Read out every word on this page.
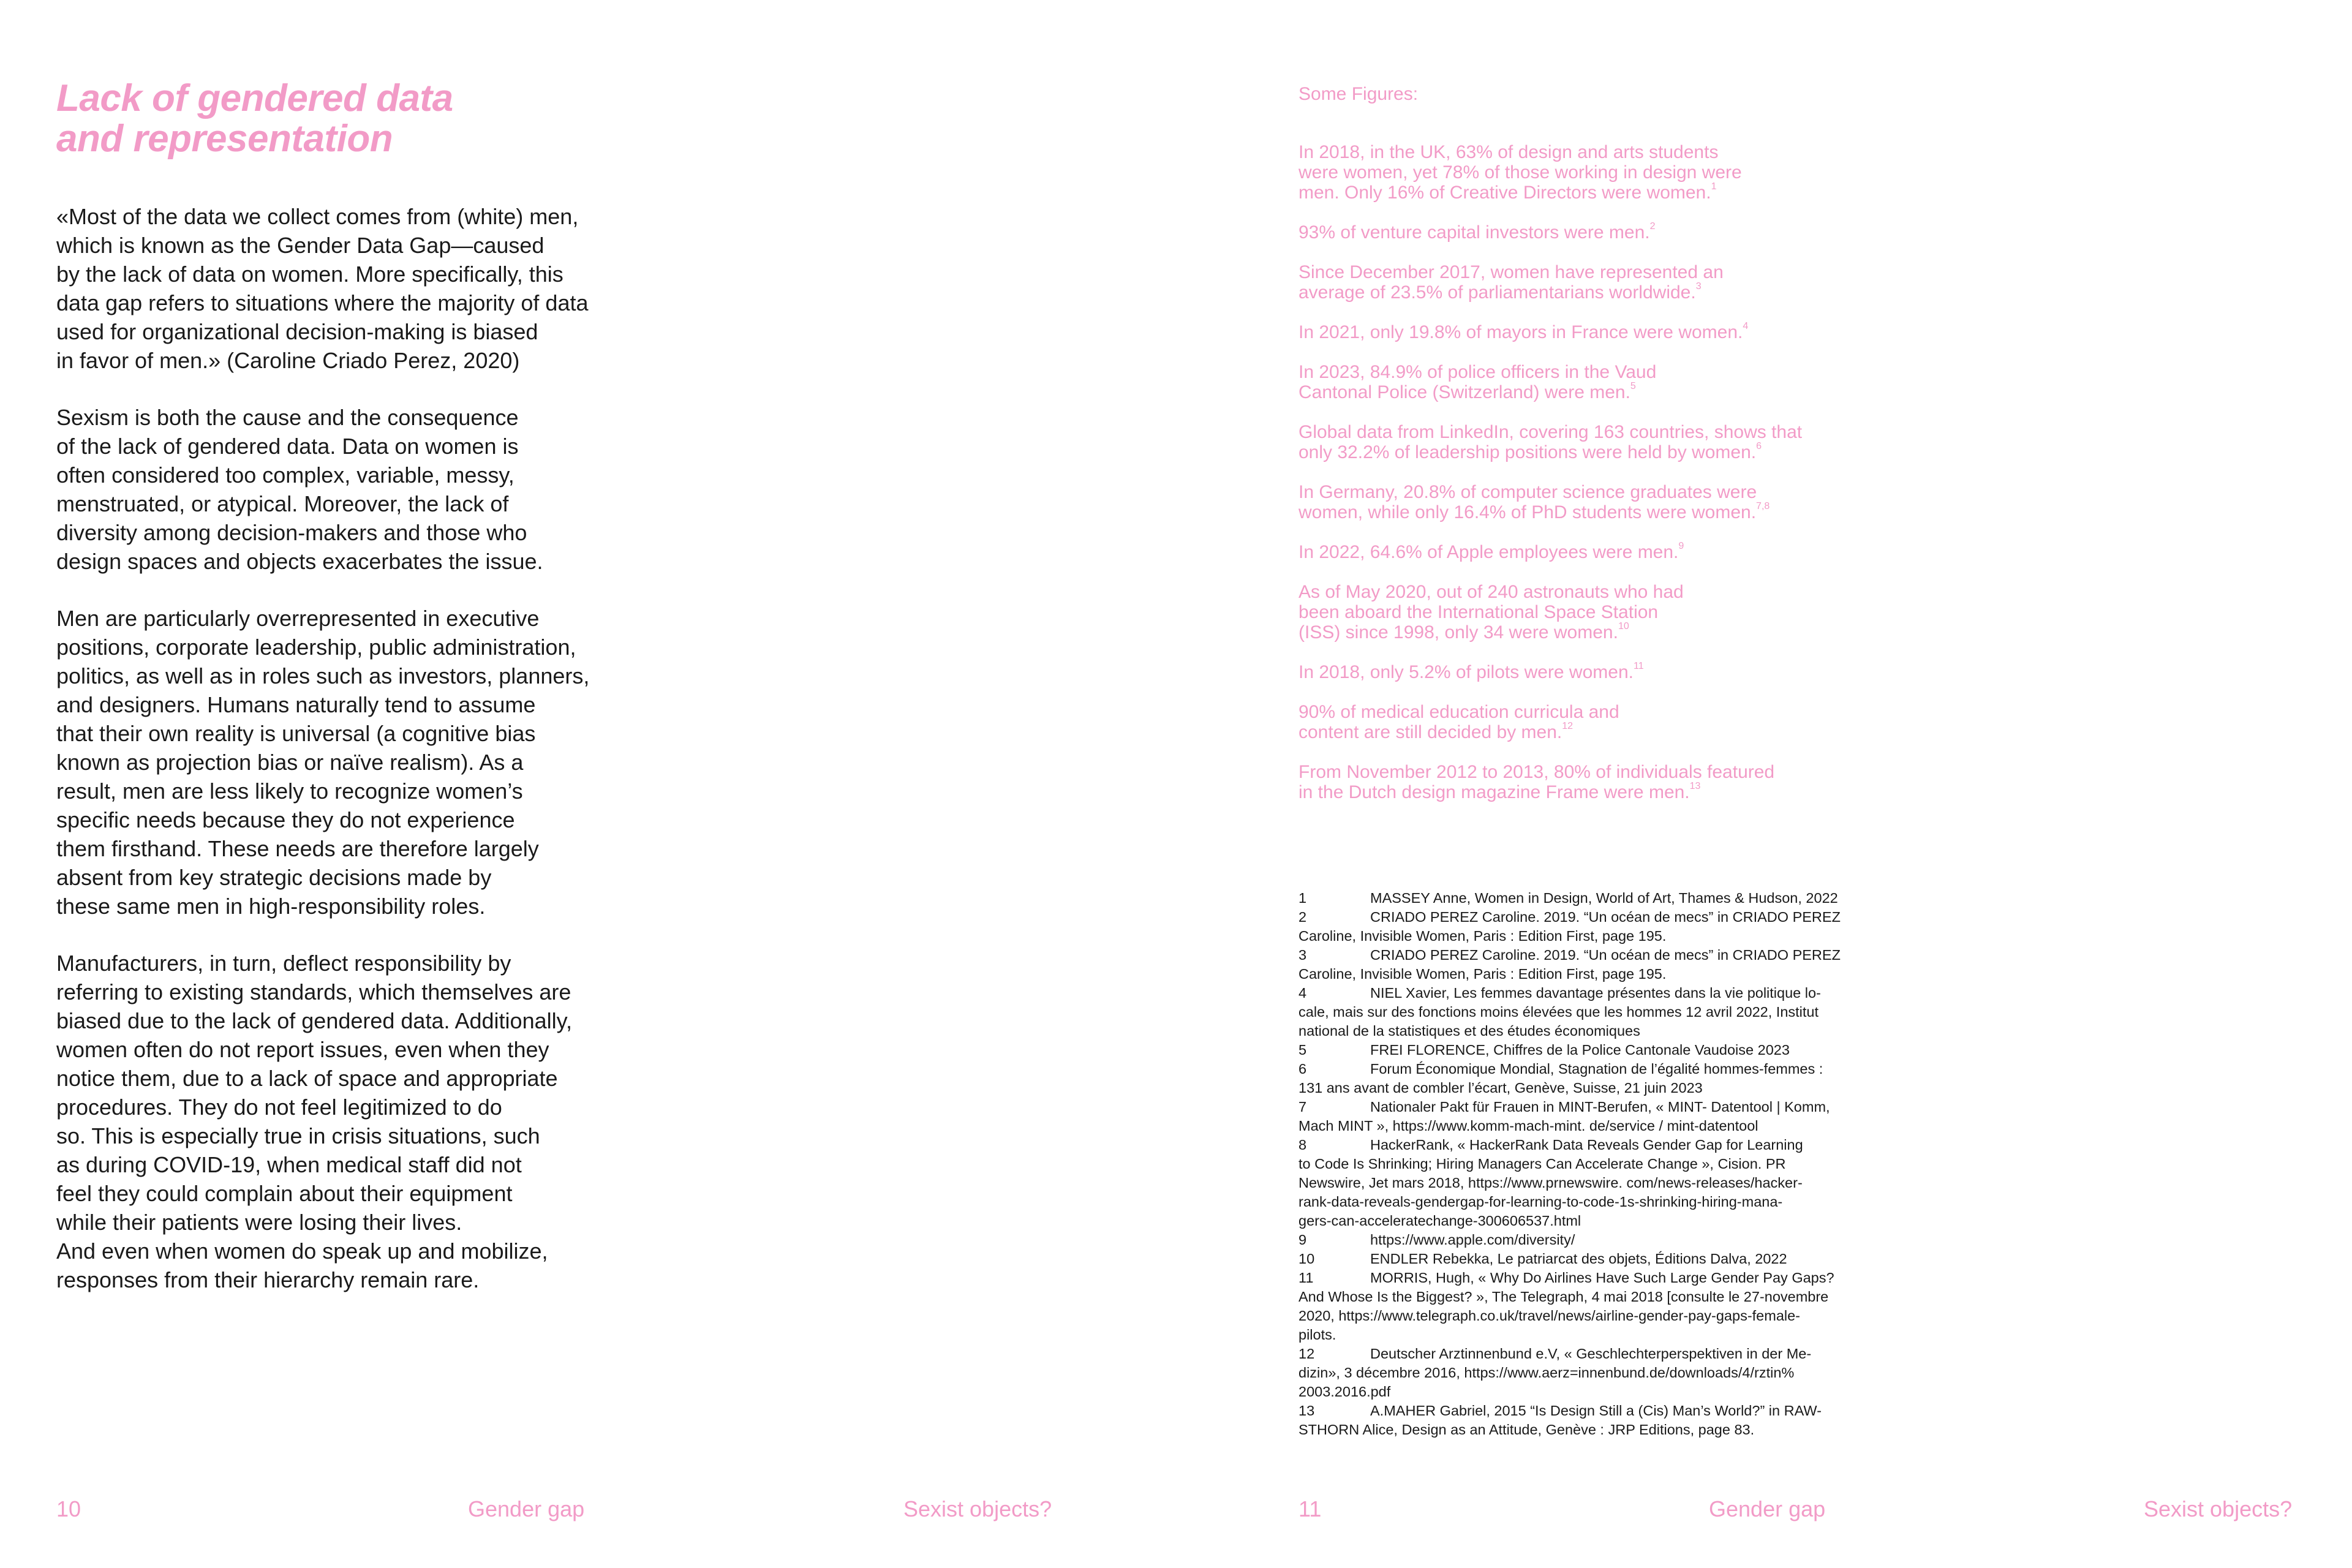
Lack of gendered data
and representation

«Most of the data we collect comes from (white) men,
which is known as the Gender Data Gap—caused
by the lack of data on women. More specifically, this
data gap refers to situations where the majority of data
used for organizational decision-making is biased
in favor of men.» (Caroline Criado Perez, 2020)

Sexism is both the cause and the consequence
of the lack of gendered data. Data on women is
often considered too complex, variable, messy,
menstruated, or atypical. Moreover, the lack of
diversity among decision-makers and those who
design spaces and objects exacerbates the issue.

Men are particularly overrepresented in executive
positions, corporate leadership, public administration,
politics, as well as in roles such as investors, planners,
and designers. Humans naturally tend to assume
that their own reality is universal (a cognitive bias
known as projection bias or naïve realism). As a
result, men are less likely to recognize women’s
specific needs because they do not experience
them firsthand. These needs are therefore largely
absent from key strategic decisions made by
these same men in high-responsibility roles.

Manufacturers, in turn, deflect responsibility by
referring to existing standards, which themselves are
biased due to the lack of gendered data. Additionally,
women often do not report issues, even when they
notice them, due to a lack of space and appropriate
procedures. They do not feel legitimized to do
so. This is especially true in crisis situations, such
as during COVID-19, when medical staff did not
feel they could complain about their equipment
while their patients were losing their lives.
And even when women do speak up and mobilize,
responses from their hierarchy remain rare.

10	Gender gap	Sexist objects?
Some Figures:
In 2018, in the UK, 63% of design and arts students
were women, yet 78% of those working in design were
men. Only 16% of Creative Directors were women.$^1$
93% of venture capital investors were men.$^2$
Since December 2017, women have represented an
average of 23.5% of parliamentarians worldwide.$^3$
In 2021, only 19.8% of mayors in France were women.$^4$
In 2023, 84.9% of police officers in the Vaud
Cantonal Police (Switzerland) were men.$^5$
Global data from LinkedIn, covering 163 countries, shows that
only 32.2% of leadership positions were held by women.$^6$
In Germany, 20.8% of computer science graduates were
women, while only 16.4% of PhD students were women.$^{7,8}$
In 2022, 64.6% of Apple employees were men.$^9$
As of May 2020, out of 240 astronauts who had
been aboard the International Space Station
(ISS) since 1998, only 34 were women.$^{10}$
In 2018, only 5.2% of pilots were women.$^{11}$
90% of medical education curricula and
content are still decided by men.$^{12}$
From November 2012 to 2013, 80% of individuals featured
in the Dutch design magazine Frame were men.$^{13}$
1	MASSEY Anne, Women in Design, World of Art, Thames & Hudson, 2022
2	CRIADO PEREZ Caroline. 2019. “Un océan de mecs” in CRIADO PEREZ
Caroline, Invisible Women, Paris : Edition First, page 195.
3	CRIADO PEREZ Caroline. 2019. “Un océan de mecs” in CRIADO PEREZ
Caroline, Invisible Women, Paris : Edition First, page 195.
4	NIEL Xavier, Les femmes davantage présentes dans la vie politique lo-
cale, mais sur des fonctions moins élevées que les hommes 12 avril 2022, Institut
national de la statistiques et des études économiques
5	FREI FLORENCE, Chiffres de la Police Cantonale Vaudoise 2023
6	Forum Économique Mondial, Stagnation de l’égalité hommes-femmes :
131 ans avant de combler l’écart, Genève, Suisse, 21 juin 2023
7	Nationaler Pakt für Frauen in MINT-Berufen, « MINT- Datentool | Komm,
Mach MINT », https://www.komm-mach-mint. de/service / mint-datentool
8	HackerRank, « HackerRank Data Reveals Gender Gap for Learning
to Code Is Shrinking; Hiring Managers Can Accelerate Change », Cision. PR
Newswire, Jet mars 2018, https://www.prnewswire. com/news-releases/hacker-
rank-data-reveals-gendergap-for-learning-to-code-1s-shrinking-hiring-mana-
gers-can-acceleratechange-300606537.html
9	https://www.apple.com/diversity/
10	ENDLER Rebekka, Le patriarcat des objets, Éditions Dalva, 2022
11	MORRIS, Hugh, « Why Do Airlines Have Such Large Gender Pay Gaps?
And Whose Is the Biggest? », The Telegraph, 4 mai 2018 [consulte le 27-novembre
2020, https://www.telegraph.co.uk/travel/news/airline-gender-pay-gaps-female-
pilots.
12	Deutscher Arztinnenbund e.V, « Geschlechterperspektiven in der Me-
dizin», 3 décembre 2016, https://www.aerz=innenbund.de/downloads/4/rztin%
2003.2016.pdf
13	A.MAHER Gabriel, 2015 “Is Design Still a (Cis) Man’s World?” in RAW-
STHORN Alice, Design as an Attitude, Genève : JRP Editions, page 83.
11	Gender gap	Sexist objects?
